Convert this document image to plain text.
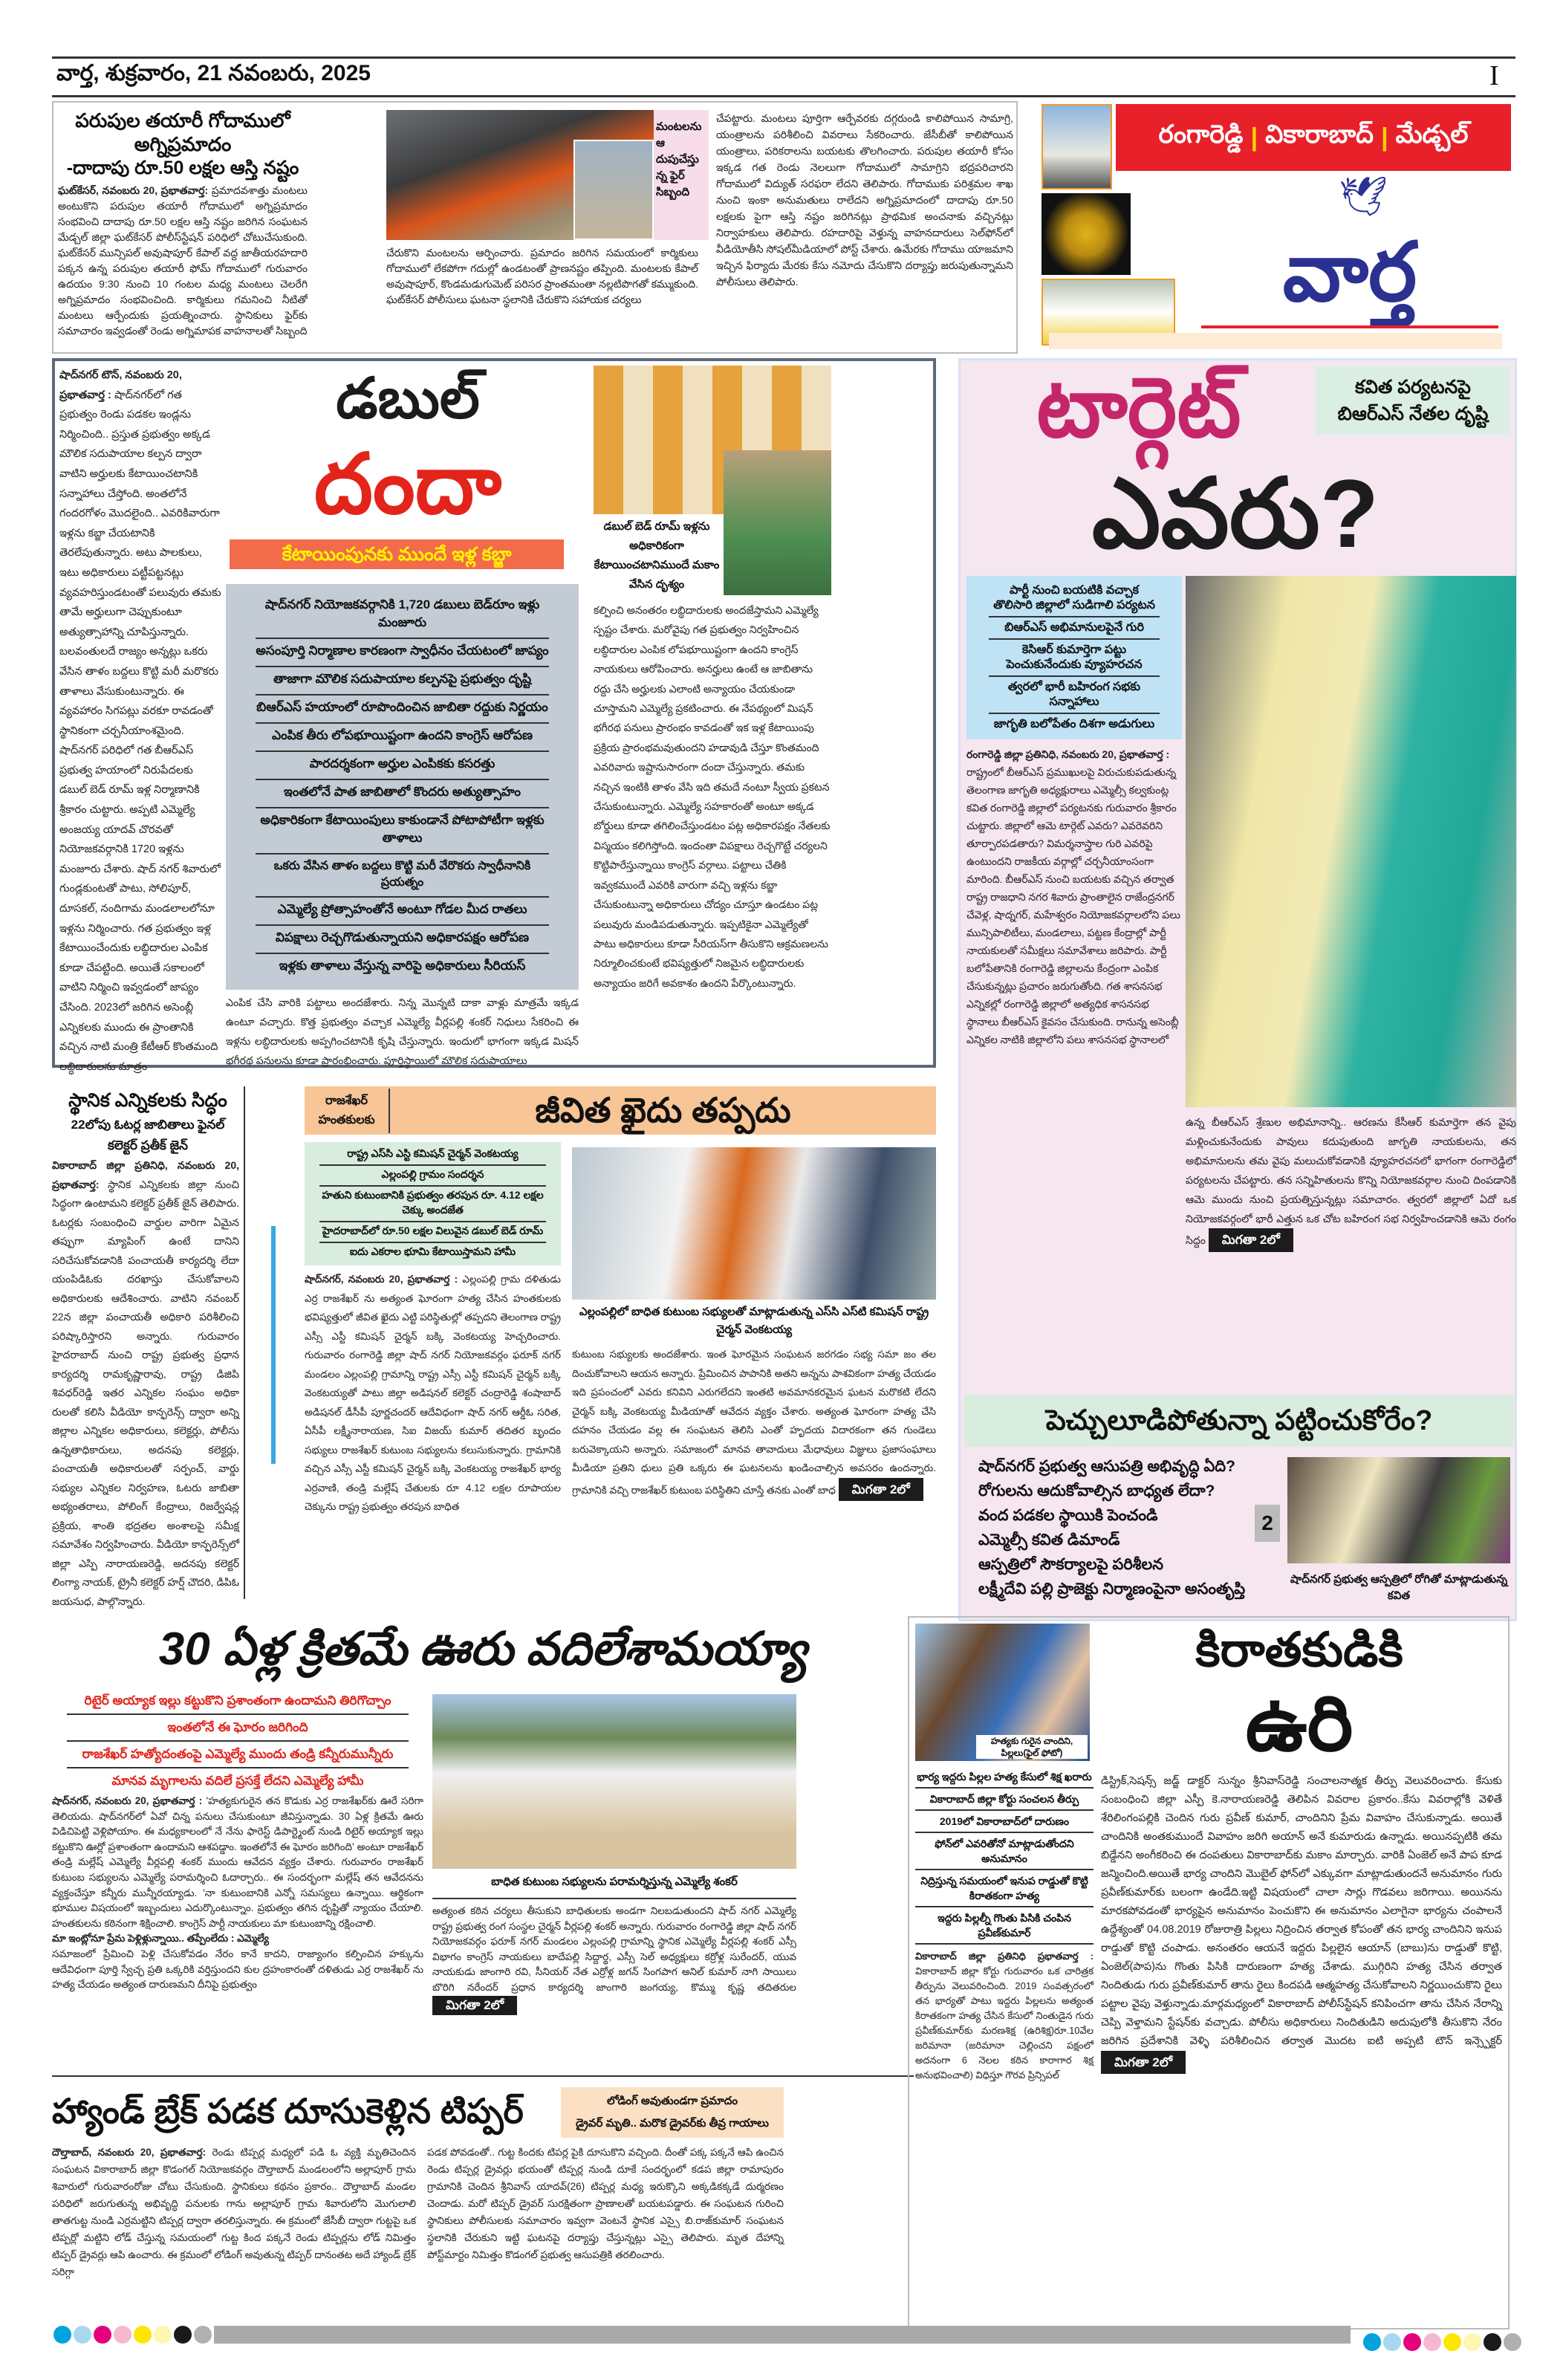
వార్త, శుక్రవారం, 21 నవంబరు, 2025	I
పరుపుల తయారీ గోదాములో అగ్నిప్రమాదం
-దాదాపు రూ.50 లక్షల ఆస్తి నష్టం
ఘట్‌కేసర్, నవంబరు 20, ప్రభాతవార్త: ప్రమాదవశాత్తు మంటలు అంటుకొని పరుపుల తయారీ గోదాములో అగ్నిప్రమాదం సంభవించి దాదాపు రూ.50 లక్షల ఆస్తి నష్టం జరిగిన సంఘటన మేడ్చల్ జిల్లా ఘట్‌కేసర్ పోలీస్‌స్టేషన్ పరిధిలో చోటుచేసుకుంది. ఘట్‌కేసర్ మున్సిపల్ అవుషాపూర్ కేపాల్ వద్ద జాతీయరహదారి పక్కన ఉన్న పరుపుల తయారీ ఫోమ్ గోదాములో గురువారం ఉదయం 9:30 నుంచి 10 గంటల మధ్య మంటలు చెలరేగి అగ్నిప్రమాదం సంభవించింది. కార్మికులు గమనించి నీటితో మంటలు ఆర్పేందుకు ప్రయత్నించారు. స్థానికులు ఫైర్‌కు సమాచారం ఇవ్వడంతో రెండు అగ్నిమాపక వాహనాలతో సిబ్బంది
మంటలను ఆదుపుచేస్తున్న ఫైర్ సిబ్బంది
చేరుకొని మంటలను ఆర్పించారు. ప్రమాదం జరిగిన సమయంలో కార్మికులు గోదాములో లేకపోగా గదుల్లో ఉండటంతో ప్రాణనష్టం తప్పింది. మంటలకు కేపాల్ అవుషాపూర్, కొండమడుగుమెట్ పరిసర ప్రాంతమంతా నల్లటిపొగతో కమ్ముకుంది. ఘట్‌కేసర్ పోలీసులు ఘటనా స్థలానికి చేరుకొని సహాయక చర్యలు
చేపట్టారు. మంటలు పూర్తిగా ఆర్పేవరకు దగ్గరుండి కాలిపోయిన సామాగ్రి, యంత్రాలను పరిశీలించి వివరాలు సేకరించారు. జేసీబీతో కాలిపోయిన యంత్రాలు, పరికరాలను బయటకు తొలగించారు. పరుపుల తయారీ కోసం ఇక్కడ గత రెండు నెలలుగా గోదాములో సామాగ్రిని భద్రపరిచారని గోదాములో విద్యుత్ సరఫరా లేదని తెలిపారు. గోదాముకు పరిశ్రమల శాఖ నుంచి ఇంకా అనుమతులు రాలేదని అగ్నిప్రమాదంలో దాదాపు రూ.50 లక్షలకు పైగా ఆస్తి నష్టం జరిగినట్లు ప్రాథమిక అంచనాకు వచ్చినట్లు నిర్వాహకులు తెలిపారు. రహదారిపై వెళ్తున్న వాహనదారులు సెల్‌ఫోన్‌లో వీడియోతీసి సోషల్‌మీడియాలో పోస్ట్ చేశారు. ఉమేరకు గోదాము యాజమాని ఇచ్చిన ఫిర్యాదు మేరకు కేసు నమోదు చేసుకొని దర్యాప్తు జరుపుతున్నామని పోలీసులు తెలిపారు.
రంగారెడ్డి | వికారాబాద్ | మేడ్చల్
🕊
వార్త
షాద్‌నగర్ టౌన్, నవంబరు 20, ప్రభాతవార్త : షాద్‌నగర్‌లో గత ప్రభుత్వం రెండు పడకల ఇండ్లను నిర్మించింది.. ప్రస్తుత ప్రభుత్వం అక్కడ మౌలిక సదుపాయాల కల్పన ద్వారా వాటిని అర్హులకు కేటాయించటానికి సన్నాహాలు చేస్తోంది. అంతలోనే గందరగోళం మొదలైంది.. ఎవరికివారుగా ఇళ్లను కబ్జా చేయటానికి తెరలేపుతున్నారు. అటు పాలకులు, ఇటు అధికారులు పట్టీపట్టనట్లు వ్యవహరిస్తుండటంతో పలువురు తమకు తామే అర్హులుగా చెప్పుకుంటూ అత్యుత్సాహాన్ని చూపిస్తున్నారు. బలవంతులదే రాజ్యం అన్నట్లు ఒకరు వేసిన తాళం బద్దలు కొట్టి మరీ మరొకరు తాళాలు వేసుకుంటున్నారు. ఈ వ్యవహారం సిగపట్లు వరకూ రావడంతో స్థానికంగా చర్చనీయాంశమైంది. షాద్‌నగర్ పరిధిలో గత బీఆర్ఎస్ ప్రభుత్వ హయాంలో నిరుపేదలకు డబుల్ బెడ్ రూమ్ ఇళ్ల నిర్మాణానికి శ్రీకారం చుట్టారు. అప్పటి ఎమ్మెల్యే అంజయ్య యాదవ్ చొరవతో నియోజకవర్గానికి 1720 ఇళ్లను మంజూరు చేశారు. షాద్ నగర్ శివారులో గుండ్లకుంటతో పాటు, సోలిపూర్, దూసకల్, నందిగామ మండలాలలోనూ ఇళ్లను నిర్మించారు. గత ప్రభుత్వం ఇళ్ల కేటాయించేందుకు లబ్ధిదారుల ఎంపిక కూడా చేపట్టింది. అయితే సకాలంలో వాటిని నిర్మించి ఇవ్వడంలో జాప్యం చేసింది. 2023లో జరిగిన అసెంబ్లీ ఎన్నికలకు ముందు ఈ ప్రాంతానికి వచ్చిన నాటి మంత్రి కేటీఆర్ కొంతమంది లబ్ధిదారులను మాత్రం
డబుల్
దందా
కేటాయింపునకు ముందే ఇళ్ల కబ్జా

షాద్‌నగర్ నియోజకవర్గానికి 1,720 డబులు బెడ్‌రూం ఇళ్లు మంజూరు

అసంపూర్తి నిర్మాణాల కారణంగా స్వాధీనం చేయటంలో జాప్యం

తాజాగా మౌలిక సదుపాయాల కల్పనపై ప్రభుత్వం దృష్టి

బిఆర్ఎస్ హయాంలో రూపొందించిన జాబితా రద్దుకు నిర్ణయం

ఎంపిక తీరు లోపభూయిష్టంగా ఉందని కాంగ్రెస్ ఆరోపణ

పారదర్శకంగా అర్హుల ఎంపికకు కసరత్తు

ఇంతలోనే పాత జాబితాలో కొందరు అత్యుత్సాహం

అధికారికంగా కేటాయింపులు కాకుండానే పోటాపోటీగా ఇళ్లకు తాళాలు

ఒకరు వేసిన తాళం బద్దలు కొట్టి మరీ వేరొకరు స్వాధీనానికి ప్రయత్నం

ఎమ్మెల్యే ప్రోత్సాహంతోనే అంటూ గోడల మీద రాతలు

విపక్షాలు రెచ్చగొడుతున్నాయని అధికారపక్షం ఆరోపణ

ఇళ్లకు తాళాలు వేస్తున్న వారిపై అధికారులు సీరియస్

ఎంపిక చేసి వారికి పట్టాలు అందజేశారు. నిన్న మొన్నటి దాకా వాళ్లు మాత్రమే ఇక్కడ ఉంటూ వచ్చారు. కొత్త ప్రభుత్వం వచ్చాక ఎమ్మెల్యే వీర్లపల్లి శంకర్ నిధులు సేకరించి ఈ ఇళ్లను లబ్ధిదారులకు అప్పగించటానికి కృషి చేస్తున్నారు. ఇందులో భాగంగా ఇక్కడ మిషన్ భగీరథ పనులను కూడా ప్రారంభించారు. పూర్తిస్థాయిలో మౌలిక సదుపాయాలు
డబుల్ బెడ్ రూమ్ ఇళ్లను అధికారికంగా కేటాయించటానిముందే మకాం వేసిన దృశ్యం
కల్పించి అనంతరం లబ్ధిదారులకు అందజేస్తామని ఎమ్మెల్యే స్పష్టం చేశారు. మరోవైపు గత ప్రభుత్వం నిర్వహించిన లబ్ధిదారుల ఎంపిక లోపభూయిష్టంగా ఉందని కాంగ్రెస్ నాయకులు ఆరోపించారు. అనర్హులు ఉంటే ఆ జాబితాను రద్దు చేసి అర్హులకు ఎలాంటి అన్యాయం చేయకుండా చూస్తామని ఎమ్మెల్యే ప్రకటించారు. ఈ నేపథ్యంలో మిషన్ భగీరథ పనులు ప్రారంభం కావడంతో ఇక ఇళ్ల కేటాయింపు ప్రక్రియ ప్రారంభమవుతుందని హడావుడి చేస్తూ కొంతమంది ఎవరివారు ఇష్టానుసారంగా దందా చేస్తున్నారు. తమకు నచ్చిన ఇంటికి తాళం వేసి ఇది తమదే నంటూ స్వీయ ప్రకటన చేసుకుంటున్నారు. ఎమ్మెల్యే సహకారంతో అంటూ అక్కడ బోర్డులు కూడా తగిలించేస్తుండటం పట్ల అధికారపక్షం నేతలకు విస్మయం కలిగిస్తోంది. ఇందంతా విపక్షాలు రెచ్చగొట్టే చర్యలని కొట్టిపారేస్తున్నాయి కాంగ్రెస్ వర్గాలు. పట్టాలు చేతికి ఇవ్వకముందే ఎవరికి వారుగా వచ్చి ఇళ్లను కబ్జా చేసుకుంటున్నా అధికారులు చోద్యం చూస్తూ ఉండటం పట్ల పలువురు మండిపడుతున్నారు. ఇప్పటికైనా ఎమ్మెల్యేతో పాటు అధికారులు కూడా సీరియస్‌గా తీసుకొని ఆక్రమణలను నిర్మూలించకుంటే భవిష్యత్తులో నిజమైన లబ్ధిదారులకు అన్యాయం జరిగే అవకాశం ఉందని పేర్కొంటున్నారు.
టార్గెట్	కవిత పర్యటనపై బిఆర్ఎస్ నేతల దృష్టి
ఎవరు?
పార్టీ నుంచి బయటికి వచ్చాక తొలిసారి జిల్లాలో సుడిగాలి పర్యటన
బిఆర్ఎస్ అభిమానులపైనే గురి
కెసిఆర్ కుమార్తెగా పట్టు పెంచుకునేందుకు వ్యూహరచన
త్వరలో భారీ బహిరంగ సభకు సన్నాహాలు
జాగృతి బలోపేతం దిశగా అడుగులు
రంగారెడ్డి జిల్లా ప్రతినిధి, నవంబరు 20, ప్రభాతవార్త : రాష్ట్రంలో బీఆర్ఎస్ ప్రముఖులపై విరుచుకుపడుతున్న తెలంగాణ జాగృతి అధ్యక్షురాలు ఎమ్మెల్సీ కల్వకుంట్ల కవిత రంగారెడ్డి జిల్లాలో పర్యటనకు గురువారం శ్రీకారం చుట్టారు. జిల్లాలో ఆమె టార్గెట్ ఎవరు? ఎవరెవరిని తూర్పారపడతారు? విమర్శనాస్త్రాల గురి ఎవరిపై ఉంటుందని రాజకీయ వర్గాల్లో చర్చనీయాంసంగా మారింది. బీఆర్ఎస్ నుంచి బయటకు వచ్చిన తర్వాత రాష్ట్ర రాజధాని నగర శివారు ప్రాంతాలైన రాజేంద్రనగర్ చేవెళ్ల, షాద్నగర్, మహేశ్వరం నియోజకవర్గాలలోని పలు మున్సిపాలిటీలు, మండలాలు, పట్టణ కేంద్రాల్లో పార్టీ నాయకులతో సమీక్షలు సమావేశాలు జరిపారు. పార్టీ బలోపేతానికి రంగారెడ్డి జిల్లాలను కేంద్రంగా ఎంపిక చేసుకున్నట్లు ప్రచారం జరుగుతోంది. గత శాసనసభ ఎన్నికల్లో రంగారెడ్డి జిల్లాలో అత్యధిక శాసనసభ స్థానాలు బీఆర్ఎస్ కైవసం చేసుకుంది. రానున్న అసెంబ్లీ ఎన్నికల నాటికి జిల్లాలోని పలు శాసనసభ స్థానాలలో
ఉన్న బీఆర్ఎస్ శ్రేణుల అభిమానాన్ని.. ఆరణను కేసీఆర్ కుమార్తెగా తన వైపు మళ్లించుకునేందుకు పావులు కదుపుతుంది జాగృతి నాయకులను, తన అభిమానులను తమ వైపు మలుచుకోవడానికి వ్యూహరచనలో భాగంగా రంగారెడ్డిలో పర్యటలను చేపట్టారు. తన సన్నిహితులను కొన్ని నియోజకవర్గాల నుంచి దింపడానికి ఆమె ముందు నుంచి ప్రయత్నిస్తున్నట్లు సమాచారం. త్వరలో జిల్లాలో ఏదో ఒక నియోజకవర్గంలో భారీ ఎత్తున ఒక చోట బహిరంగ సభ నిర్వహించడానికి ఆమె రంగం సిద్దం మిగతా 2లో
పెచ్చులూడిపోతున్నా పట్టించుకోరేం?
షాద్‌నగర్ ప్రభుత్వ ఆసుపత్రి అభివృద్ధి ఏది?
రోగులను ఆదుకోవాల్సిన బాధ్యత లేదా?
వంద పడకల స్థాయికి పెంచండి
ఎమ్మెల్సీ కవిత డిమాండ్
ఆస్పత్రిలో సౌకర్యాలపై పరిశీలన
లక్ష్మీదేవి పల్లి ప్రాజెక్టు నిర్మాణంపైనా అసంతృప్తి
2
షాద్‌నగర్ ప్రభుత్వ ఆస్పత్రిలో రోగితో మాట్లాడుతున్న కవిత
స్థానిక ఎన్నికలకు సిద్ధం
22లోపు ఓటర్ల జాబితాలు ఫైనల్
కలెక్టర్ ప్రతీక్ జైన్
వికారాబాద్ జిల్లా ప్రతినిధి, నవంబరు 20, ప్రభాతవార్త: స్థానిక ఎన్నికలకు జిల్లా నుంచి సిద్ధంగా ఉంటామని కలెక్టర్ ప్రతీక్ జైన్ తెలిపారు. ఓటర్లకు సంబంధించి వార్డుల వారిగా ఏమైన తప్పుగా మ్యాపింగ్ ఉంటే దానిని సరిచేసుకోవడానికి పంచాయతీ కార్యదర్శి లేదా యంపిడిఓకు దరఖాస్తు చేసుకోవాలని అధికారులకు ఆదేశించారు. వాటిని నవంబర్ 22న జిల్లా పంచాయతీ అధికారి పరిశీలించి పరిష్కారిస్తారని అన్నారు. గురువారం హైదరాబాద్ నుంచి రాష్ట్ర ప్రభుత్వ ప్రధాన కార్యదర్శి రామకృష్ణారావు, రాష్ట్ర డిజిపి శివధర్‌రెడ్డి ఇతర ఎన్నికల సంఘం అధికా రులతో కలిసి వీడియో కాన్ఫరెన్స్ ద్వారా అన్ని జిల్లాల ఎన్నికల అధికారులు, కలెక్టర్లు, పోలీసు ఉన్నతాధికారులు, అదనపు కలెక్టర్లు, పంచాయతీ అధికారులతో సర్పంచ్, వార్డు సభ్యుల ఎన్నికల నిర్వహణ, ఓటరు జాబితా అభ్యంతరాలు, పోలింగ్ కేంద్రాలు, రిజర్వేషన్ల ప్రక్రియ, శాంతి భద్రతల అంశాలపై సమీక్ష సమావేశం నిర్వహించారు. వీడియో కాన్ఫరెన్స్‌లో జిల్లా ఎస్పి నారాయణరెడ్డి, అదనపు కలెక్టర్ లింగ్యా నాయక్, ట్రైనీ కలెక్టర్ హర్ష్ చౌదరి, డిపిఓ జయసుధ, పాల్గొన్నారు.
రాజశేఖర్ హంతకులకు	జీవిత ఖైదు తప్పదు

రాష్ట్ర ఎస్‌సి ఎస్టి కమిషన్ చైర్మన్ వెంకటయ్య

ఎల్లంపల్లి గ్రామం సందర్శన

హతుని కుటుంబానికి ప్రభుత్వం తరపున రూ. 4.12 లక్షల చెక్కు అందజేత

హైదరాబాద్‌లో రూ.50 లక్షల విలువైన డబుల్ బెడ్ రూమ్

ఐదు ఎకరాల భూమి కేటాయిస్తామని హామీ

షాద్‌నగర్, నవంబరు 20, ప్రభాతవార్త : ఎల్లంపల్లి గ్రామ దళితుడు ఎర్ర రాజశేఖర్ ను అత్యంత ఘోరంగా హత్య చేసిన హంతకులకు భవిష్యత్తులో జీవిత ఖైదు ఎట్టి పరిస్థితుల్లో తప్పదని తెలంగాణ రాష్ట్ర ఎస్సీ ఎస్టీ కమిషన్ చైర్మన్ బక్కి వెంకటయ్య హెచ్చరించారు. గురువారం రంగారెడ్డి జిల్లా షాద్ నగర్ నియోజకవర్గం ఫరూక్ నగర్ మండలం ఎల్లంపల్లి గ్రామాన్ని రాష్ట్ర ఎస్సీ ఎస్టీ కమిషన్ చైర్మన్ బక్కి వెంకటయ్యతో పాటు జిల్లా అడిషనల్ కలెక్టర్ చంద్రారెడ్డి శంషాబాద్ అడిషనల్ డీసీపీ పూర్ణచందర్ ఆదేవిధంగా షాద్ నగర్ ఆర్డీఓ సరిత, ఏసీపీ లక్ష్మీనారాయణ, సిఐ విజయ్ కుమార్ తదితర బృందం సభ్యులు రాజశేఖర్ కుటుంబ సభ్యులను కలుసుకున్నారు. గ్రామానికి వచ్చిన ఎస్సీ ఎస్టీ కమిషన్ చైర్మన్ బక్కి వెంకటయ్య రాజశేఖర్ భార్య ఎర్రవాణి, తండ్రి మల్లేష్ చేతులకు రూ 4.12 లక్షల రూపాయల చెక్కును రాష్ట్ర ప్రభుత్వం తరపున బాధిత
ఎల్లంపల్లిలో బాధిత కుటుంబ సభ్యులతో మాట్లాడుతున్న ఎస్‌సి ఎస్‌టి కమిషన్ రాష్ట్ర చైర్మన్ వెంకటయ్య
కుటుంబ సభ్యులకు అందజేశారు. ఇంత ఘోరమైన సంఘటన జరగడం సభ్య సమా జం తల దించుకోవాలని ఆయన అన్నారు. ప్రేమించిన పాపానికి అతని అన్నను పాశవికంగా హత్య చేయడం ఇది ప్రపంచంలో ఎవరు కనివిని ఎరుగలేదని ఇంతటి అవమానకరమైన ఘటన మరొకటి లేదని చైర్మన్ బక్కి వెంకటయ్య మీడియాతో ఆవేదన వ్యక్తం చేశారు. అత్యంత ఘోరంగా హత్య చేసి దహనం చేయడం వల్ల ఈ సంఘటన తెలిసి ఎంతో హృదయ విదారకంగా తన గుండెలు బరువెక్కాయని అన్నారు. సమాజంలో మానవ తావాదులు మేధావులు విజ్ఞులు ప్రజాసంఘాలు మీడియా ప్రతిని ధులు ప్రతి ఒక్కరు ఈ ఘటనలను ఖండించాల్సిన అవసరం ఉందన్నారు. గ్రామానికి వచ్చి రాజశేఖర్ కుటుంబ పరిస్థితిని చూస్తే తనకు ఎంతో బాధ మిగతా 2లో
30 ఏళ్ల క్రితమే ఊరు వదిలేశామయ్యా
రిటైర్ అయ్యాక ఇల్లు కట్టుకొని ప్రశాంతంగా ఉందామని తిరిగొచ్చాం
ఇంతలోనే ఈ ఘోరం జరిగింది
రాజశేఖర్ హత్యోదంతంపై ఎమ్మెల్యే ముందు తండ్రి కన్నీరుమున్నీరు
మానవ మృగాలను వదిలే ప్రసక్తే లేదని ఎమ్మెల్యే హామీ
షాద్‌నగర్, నవంబరు 20, ప్రభాతవార్త : 'హత్యకుగురైన తన కొడుకు ఎర్ర రాజశేఖర్‌కు ఊరే సరిగా తెలియదు. షాద్‌నగర్‌లో ఏవో చిన్న పనులు చేసుకుంటూ జీవిస్తున్నాడు. 30 ఏళ్ల క్రితమే ఊరు విడిచిపెట్టి వెళ్లిపోయాం. ఈ మధ్యకాలంలో నే నేను ఫారెస్ట్ డిపార్ట్మెంట్ నుండి రిటైర్ అయ్యాక ఇల్లు కట్టుకొని ఊర్లో ప్రశాంతంగా ఉందామని ఆశపడ్డాం. ఇంతలోనే ఈ ఘోరం జరిగింది' అంటూ రాజశేఖర్ తండ్రి మల్లేష్ ఎమ్మెల్యే వీర్లపల్లి శంకర్ ముందు ఆవేదన వ్యక్తం చేశారు. గురువారం రాజశేఖర్ కుటుంబ సభ్యులను ఎమ్మెల్యే పరామర్శించి ఓదార్చారు.. ఈ సందర్భంగా మల్లేష్ తన ఆవేదనను వ్యక్తంచేస్తూ కన్నీరు మున్నీరయ్యాడు. 'నా కుటుంబానికి ఎన్నో సమస్యలు ఉన్నాయి. ఆర్థికంగా భూముల విషయంలో ఇబ్బందులు ఎదుర్కొంటున్నాం. ప్రభుత్వం తగిన దృష్టితో న్యాయం చేయాలి. హంతకులను కఠినంగా శిక్షించాలి. కాంగ్రెస్ పార్టీ నాయకులు మా కుటుంబాన్ని రక్షించాలి.
మా ఇంట్లోనూ ప్రేమ పెళ్లిళ్లున్నాయి.. తప్పేంలేదు : ఎమ్మెల్యే
సమాజంలో ప్రేమించి పెళ్లి చేసుకోవడం నేరం కానే కాదని, రాజ్యాంగం కల్పించిన హక్కును ఆదేవిధంగా పూర్తి స్వేచ్ఛ ప్రతి ఒక్కరికి వర్తిస్తుందని కుల ద్రహంకారంతో దళితుడు ఎర్ర రాజశేఖర్ ను హత్య చేయడం అత్యంత దారుణమని దీనిపై ప్రభుత్వం
బాధిత కుటుంబ సభ్యులను పరామర్శిస్తున్న ఎమ్మెల్యే శంకర్
అత్యంత కఠిన చర్యలు తీసుకుని బాధితులకు అండగా నిలబడుతుందని షాద్ నగర్ ఎమ్మెల్యే రాష్ట్ర ప్రభుత్వ రంగ సంస్థల చైర్మన్ వీర్లపల్లి శంకర్ అన్నారు. గురువారం రంగారెడ్డి జిల్లా షాద్ నగర్ నియోజకవర్గం ఫరూక్ నగర్ మండలం ఎల్లంపల్లి గ్రామాన్ని స్థానిక ఎమ్మెల్యే వీర్లపల్లి శంకర్ ఎస్సీ విభాగం కాంగ్రెస్ నాయకులు బాదేపల్లి సిద్దార్థ, ఎస్సీ సెల్ అధ్యక్షులు కర్రోళ్ల సురేందర్, యువ నాయకుడు జాంగారి రవి, సీనియర్ నేత ఎర్రోళ్ల జగన్ సింగపాగ అనిల్ కుమార్ నాగి సాయిలు బొరిగి నరేందర్ ప్రధాన కార్యదర్శి జాంగారి జంగయ్య, కొమ్ము కృష్ణ తదితరుల మిగతా 2లో
హ్యాండ్ బ్రేక్ పడక దూసుకెళ్లిన టిప్పర్	లోడింగ్ అవుతుండగా ప్రమాదం
డ్రైవర్ మృతి.. మరొక డ్రైవర్‌కు తీవ్ర గాయాలు
దౌల్తాబాద్, నవంబరు 20, ప్రభాతవార్త: రెండు టిప్పర్ల మధ్యలో పడి ఓ వ్యక్తి మృతిచెందిన సంఘటన వికారాబాద్ జిల్లా కొడంగల్ నియోజకవర్గం దౌల్తాబాద్ మండలంలోని అల్లాపూర్ గ్రామ శివారులో గురువారంరోజు చోటు చేసుకుంది. స్థానికులు కథనం ప్రకారం.. దౌల్తాబాద్ మండల పరిధిలో జరుగుతున్న అభివృద్ధి పనులకు గాను అల్లాపూర్ గ్రామ శివారులోని మొగులాలి తాతగుట్ట నుండి ఎర్రమట్టిని టిప్పర్ల ద్వారా తరలిస్తున్నారు. ఈ క్రమంలో జేసీబీ ద్వారా గుట్టపై ఒక టిప్పర్లో మట్టిని లోడ్ చేస్తున్న సమయంలో గుట్ట కింద పక్కనే రెండు టిప్పర్లను లోడ్ నిమిత్తం టిప్పర్ డ్రైవర్లు ఆపి ఉంచారు. ఈ క్రమంలో లోడింగ్ అవుతున్న టిప్పర్ దానంతట అదే హ్యాండ్ బ్రేక్ సరిగ్గా
పడక పోవడంతో.. గుట్ట కిందకు టిపర్ల పైకి దూసుకొని వచ్చింది. దీంతో పక్క పక్కనే ఆపి ఉంచిన రెండు టిప్పర్ల డ్రైవర్లు భయంతో టిప్పర్ల నుండి దూకే సందర్భంలో కడప జిల్లా రామాపురం గ్రామానికి చెందిన శ్రీనివాస్ యాదవ్(26) టిప్పర్ల మధ్య ఇరుక్కొని అక్కడికక్కడే దుర్మరణం చెందాడు. మరో టిప్పర్ డ్రైవర్ సురక్షితంగా ప్రాణాలతో బయటపడ్డారు. ఈ సంఘటన గురించి స్థానికులు పోలీసులకు సమాచారం ఇవ్వగా వెంటనే స్థానిక ఎస్సై బి.రాజ్‌కుమార్ సంఘటన స్థలానికి చేరుకుని ఇట్టి ఘటనపై దర్యాప్తు చేస్తున్నట్లు ఎస్సై తెలిపారు. మృత దేహాన్ని పోస్ట్‌మార్టం నిమిత్తం కొడంగల్ ప్రభుత్వ ఆసుపత్రికి తరలించారు.
హత్యకు గురైన చాందిని, పిల్లలు(ఫైల్ ఫోటో)
కిరాతకుడికి
ఉరి
భార్య ఇద్దరు పిల్లల హత్య కేసులో శిక్ష ఖరారు
వికారాబాద్ జిల్లా కోర్టు సంచలన తీర్పు
2019లో వికారాబాద్‌లో దారుణం
ఫోన్‌లో ఎవరితోనో మాట్లాడుతోందని అనుమానం
నిద్రిస్తున్న సమయంలో ఇనుప రాడ్డుతో కొట్టి కిరాతకంగా హత్య
ఇద్దరు పిల్లల్నీ గొంతు పిసికి చంపిన ప్రవీణ్‌కుమార్
వికారాబాద్ జిల్లా ప్రతినిధి ప్రభాతవార్త : వికారాబాద్ జిల్లా కోర్టు గురువారం ఒక చారిత్రక తీర్పును వెలువరించింది. 2019 సంవత్సరంలో తన భార్యతో పాటు ఇద్దరు పిల్లలను అత్యంత కిరాతకంగా హత్య చేసిన కేసులో నింతుడైన గురు ప్రవీణ్‌కుమార్‌కు మరణశిక్ష (ఉరిశిక్ష)రూ.10వేల జరిమానా (జరిమానా చెల్లించని పక్షంలో అదనంగా 6 నెలల కఠిన కారాగార శిక్ష అనుభవించాలి) విధిస్తూ గౌరవ ప్రిన్సిపల్
డిస్ట్రిక్,సెషన్స్ జడ్జ్ డాక్టర్ సున్నం శ్రీనివాస్‌రెడ్డి సంచాలనాత్మక తీర్పు వెలువరించారు. కేసుకు సంబంధించి జిల్లా ఎస్పీ కె.నారాయణరెడ్డి తెలిపిన వివరాల ప్రకారం..కేసు వివరాల్లోకి వెళితే శేరిలింగంపల్లికి చెందిన గురు ప్రవీణ్ కుమార్, చాందినిని ప్రేమ వివాహం చేసుకున్నాడు. అయితే చాందినికి అంతకుముందే వివాహం జరిగి అయాన్ అనే కుమారుడు ఉన్నాడు. అయినప్పటికి తమ బిడ్డేనని అంగీకరించి ఈ దంపతులు వికారాబాద్‌కు మకాం మార్చారు. వారికి ఏంజెల్ అనే పాప కూడ జన్మించింది.అయితే భార్య చాందిని మొబైల్ ఫోన్‌లో ఎక్కువగా మాట్లాడుతుందనే అనుమానం గురు ప్రవీణ్‌కుమార్‌కు బలంగా ఉండేది.ఇట్టి విషయంలో చాలా సార్లు గొడవలు జరిగాయి. అయినను మారకపోవడంతో భార్యపైన అనుమానం పెంచుకొని ఈ అనుమానం ఎలాగైనా భార్యను చంపాలనే ఉద్దేశ్యంతో 04.08.2019 రోజురాత్రి పిల్లలు నిద్రించిన తర్వాత కోపంతో తన భార్య చాందినిని ఇనుప రాడ్డుతో కొట్టి చంపాడు. అనంతరం ఆయనే ఇద్దరు పిల్లలైన ఆయాన్ (బాబు)ను రాడ్డుతో కొట్టి, ఏంజెల్(పాప)ను గొంతు పిసికి దారుణంగా హత్య చేశాడు. ముగ్గిరిని హత్య చేసిన తర్వాత నిందితుడు గురు ప్రవీణ్‌కుమార్ తాను రైలు కిందపడి ఆత్మహత్య చేసుకోవాలని నిర్ణయించుకొని రైలు పట్టాల వైపు వెళ్తున్నాడు.మార్గమధ్యంలో వికారాబాద్ పోలీస్‌స్టేషన్ కనిపించగా తాను చేసిన నేరాన్ని చెప్పి వెళ్తామని స్టేషన్‌కు వచ్చాడు. పోలీసు అధికారులు నిందితుడిని అదుపులోకి తీసుకొని నేరం జరిగిన ప్రదేశానికి వెళ్ళి పరిశీలించిన తర్వాత మొదట ఐటి అప్పటి టౌన్ ఇన్స్పెక్టర్ మిగతా 2లో
